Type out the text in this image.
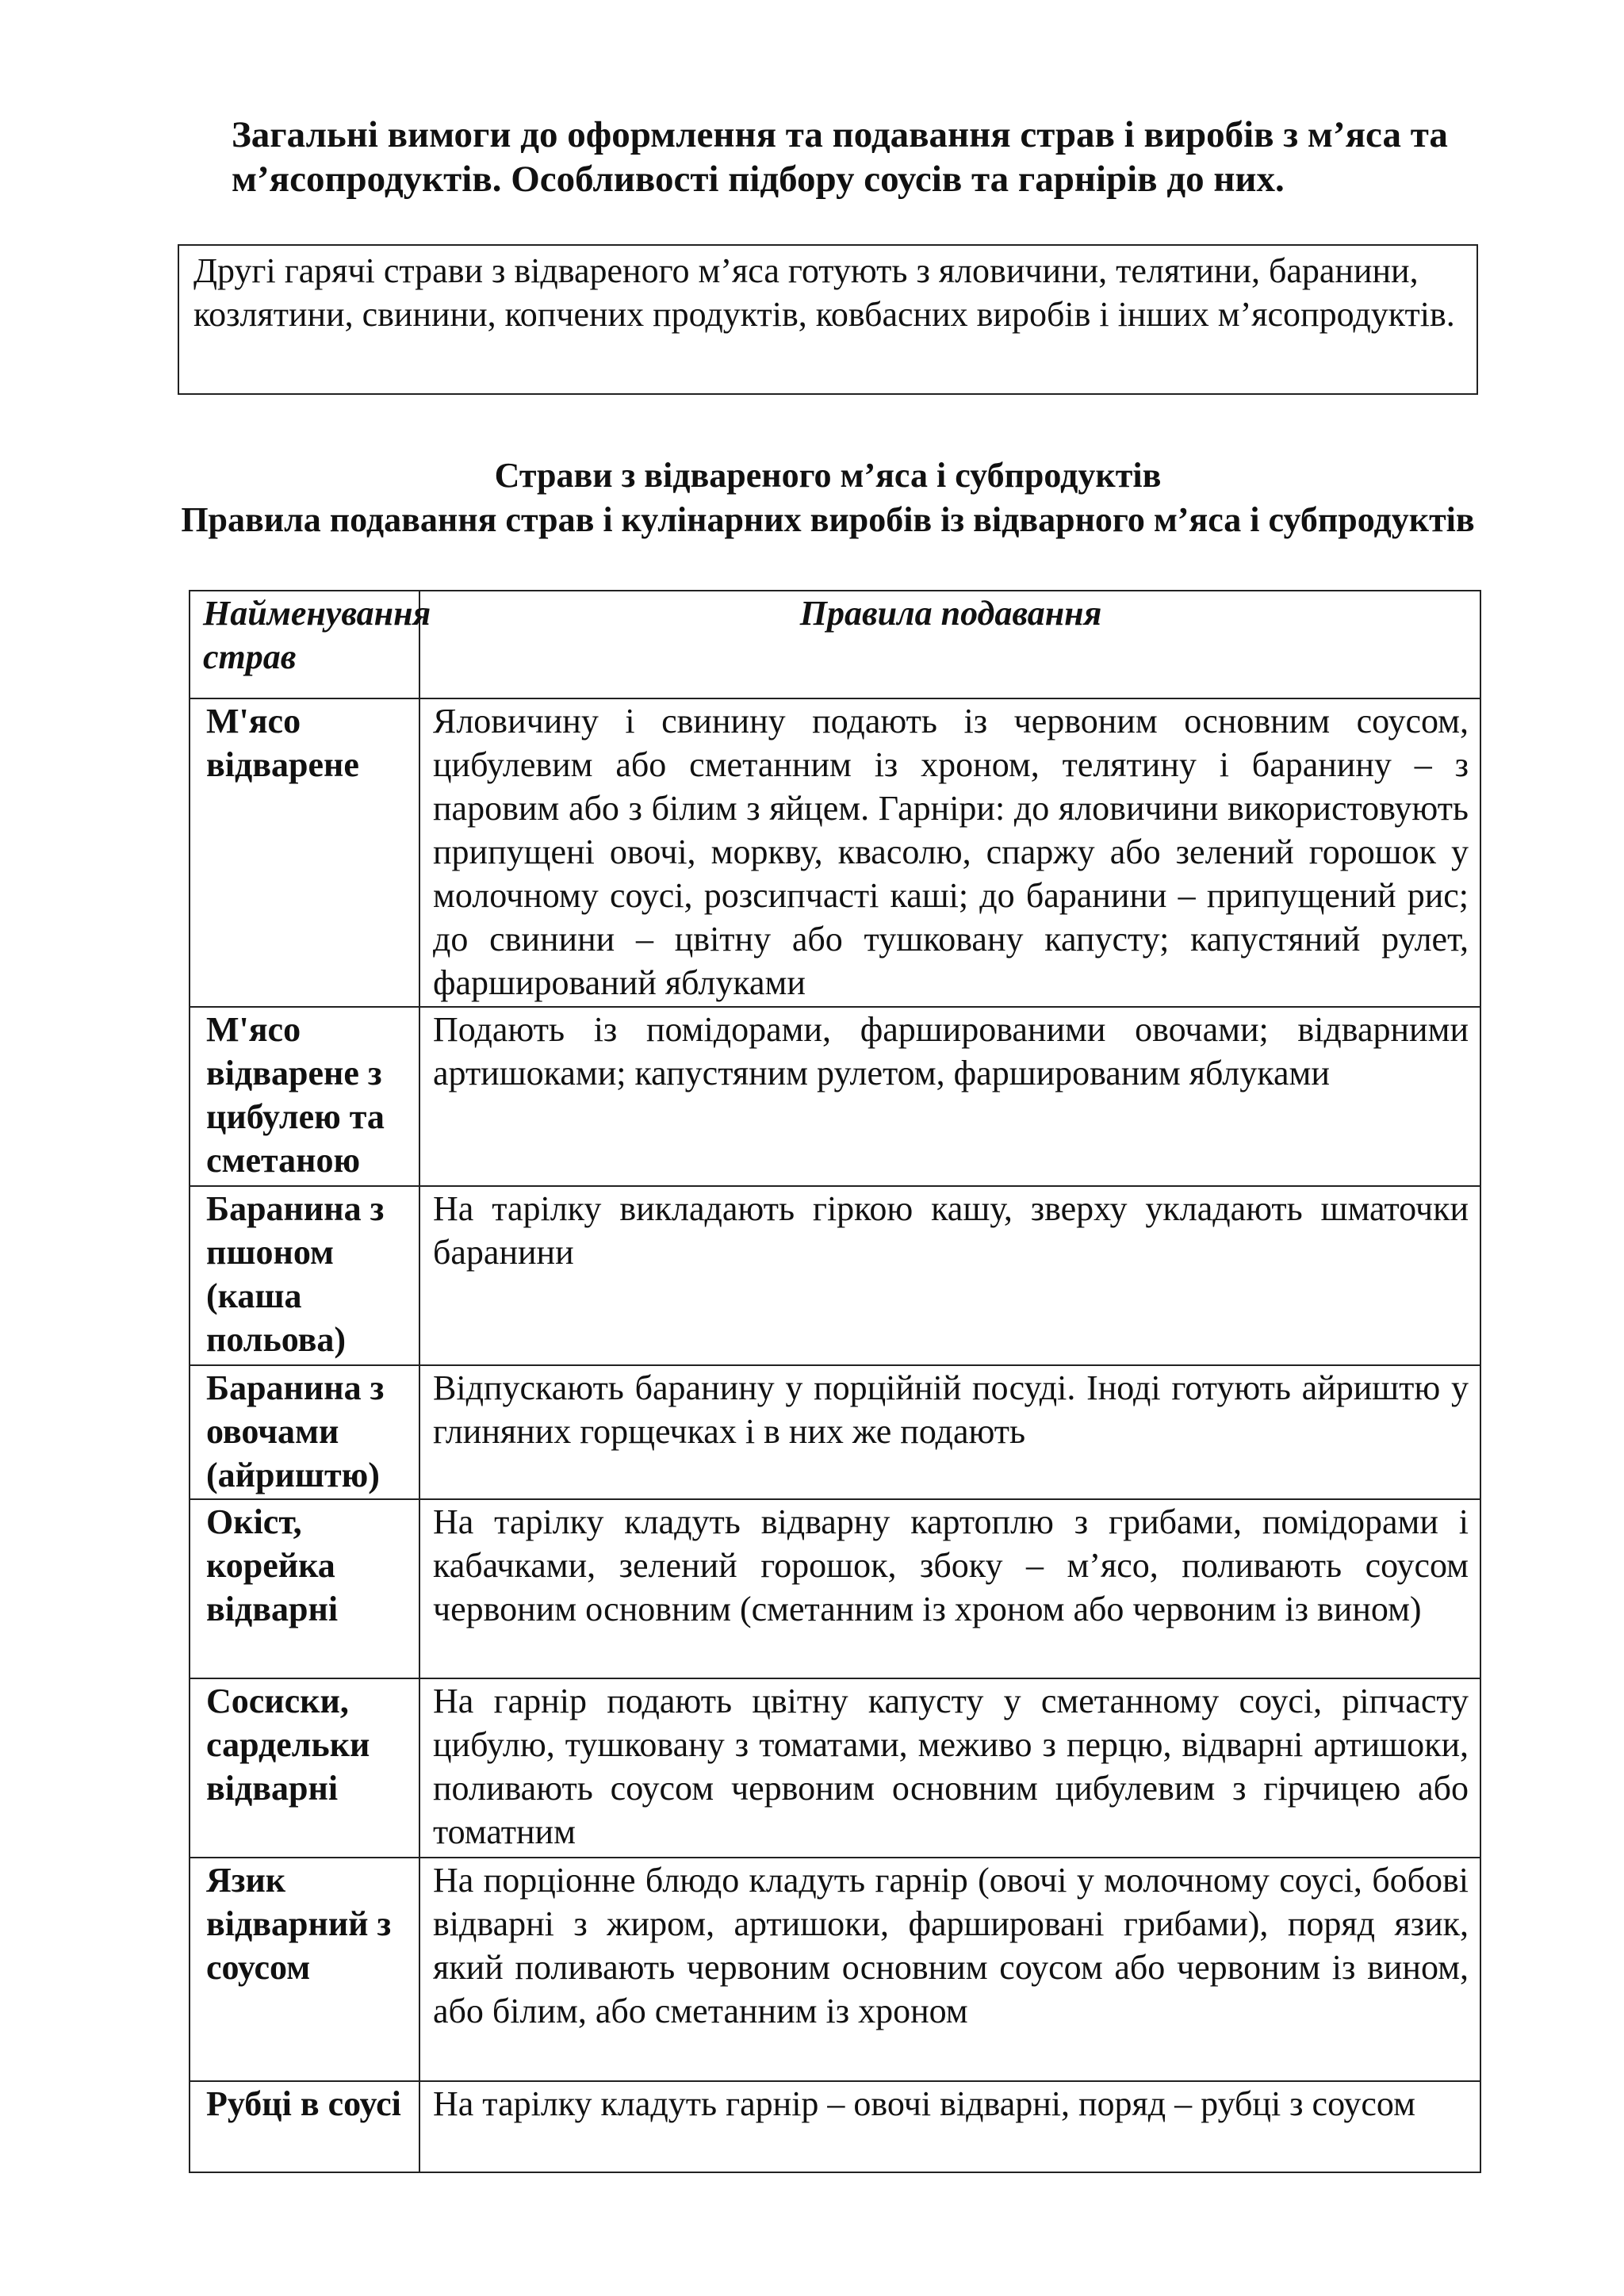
Загальні вимоги до оформлення та подавання страв і виробів з м’яса та м’ясопродуктів. Особливості підбору соусів та гарнірів до них.
Другі гарячі страви з відвареного м’яса готують з яловичини, телятини, баранини, козлятини, свинини, копчених продуктів, ковбасних виробів і інших м’ясопродуктів.
Страви з відвареного м’яса і субпродуктів
Правила подавання страв і кулінарних виробів із відварного м’яса і субпродуктів
Найменування страв	Правила подавання
М'ясо відварене	Яловичину і свинину подають із червоним основним соусом, цибулевим або сметанним із хроном, телятину і баранину – з паровим або з білим з яйцем. Гарніри: до яловичини використовують припущені овочі, моркву, квасолю, спаржу або зелений горошок у молочному соусі, розсипчасті каші; до баранини – припущений рис; до свинини – цвітну або тушковану капусту; капустяний рулет, фарширований яблуками
М'ясо відварене з цибулею та сметаною	Подають із помідорами, фаршированими овочами; відварними артишоками; капустяним рулетом, фаршированим яблуками
Баранина з пшоном (каша польова)	На тарілку викладають гіркою кашу, зверху укладають шматочки баранини
Баранина з овочами (айриштю)	Відпускають баранину у порційній посуді. Іноді готують айриштю у глиняних горщечках і в них же подають
Окіст, корейка відварні	На тарілку кладуть відварну картоплю з грибами, помідорами і кабачками, зелений горошок, збоку – м’ясо, поливають соусом червоним основним (сметанним із хроном або червоним із вином)
Сосиски, сардельки відварні	На гарнір подають цвітну капусту у сметанному соусі, ріпчасту цибулю, тушковану з томатами, меживо з перцю, відварні артишоки, поливають соусом червоним основним цибулевим з гірчицею або томатним
Язик відварний з соусом	На порціонне блюдо кладуть гарнір (овочі у молочному соусі, бобові відварні з жиром, артишоки, фаршировані грибами), поряд язик, який поливають червоним основним соусом або червоним із вином, або білим, або сметанним із хроном
Рубці в соусі	На тарілку кладуть гарнір – овочі відварні, поряд – рубці з соусом
